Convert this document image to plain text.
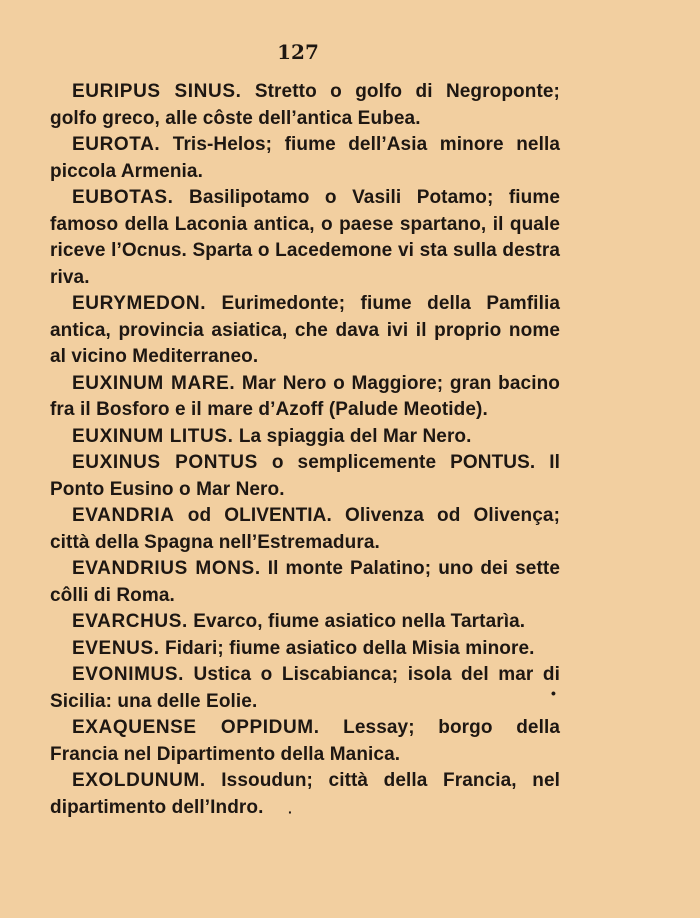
127

EURIPUS SINUS. Stretto o golfo di Negroponte; golfo greco, alle côste dell’antica Eubea.

EUROTA. Tris-Helos; fiume dell’Asia minore nella piccola Armenia.

EUBOTAS. Basilipotamo o Vasili Potamo; fiume famoso della Laconia antica, o paese spartano, il quale riceve l’Ocnus. Sparta o Lacedemone vi sta sulla destra riva.

EURYMEDON. Eurimedonte; fiume della Pamfilia antica, provincia asiatica, che dava ivi il proprio nome al vicino Mediterraneo.

EUXINUM MARE. Mar Nero o Maggiore; gran bacino fra il Bosforo e il mare d’Azoff (Palude Meotide).

EUXINUM LITUS. La spiaggia del Mar Nero.

EUXINUS PONTUS o semplicemente PONTUS. Il Ponto Eusino o Mar Nero.

EVANDRIA od OLIVENTIA. Olivenza od Olivença; città della Spagna nell’Estremadura.

EVANDRIUS MONS. Il monte Palatino; uno dei sette côlli di Roma.

EVARCHUS. Evarco, fiume asiatico nella Tartarìa.

EVENUS. Fidari; fiume asiatico della Misia minore.

EVONIMUS. Ustica o Liscabianca; isola del mar di Sicilia: una delle Eolie.

EXAQUENSE OPPIDUM. Lessay; borgo della Francia nel Dipartimento della Manica.

EXOLDUNUM. Issoudun; città della Francia, nel dipartimento dell’Indro.

•
·
